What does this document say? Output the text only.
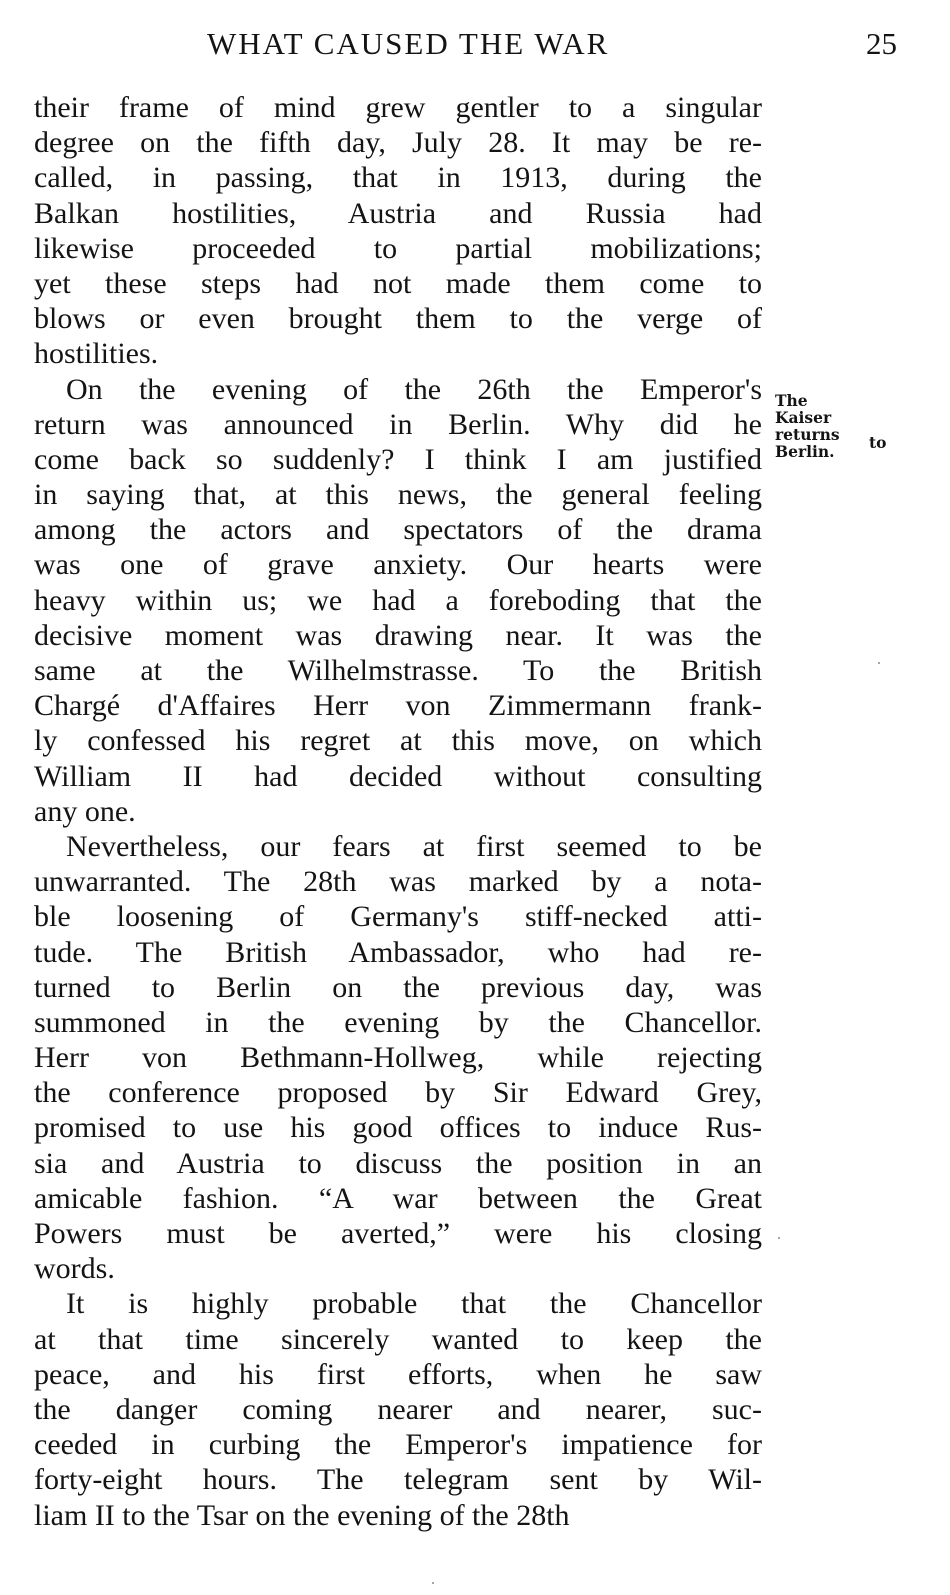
WHAT CAUSED THE WAR	25
their frame of mind grew gentler to a singular
degree on the fifth day, July 28. It may be re-
called, in passing, that in 1913, during the
Balkan hostilities, Austria and Russia had
likewise proceeded to partial mobilizations;
yet these steps had not made them come to
blows or even brought them to the verge of
hostilities.
On the evening of the 26th the Emperor's
return was announced in Berlin. Why did he
come back so suddenly? I think I am justified
in saying that, at this news, the general feeling
among the actors and spectators of the drama
was one of grave anxiety. Our hearts were
heavy within us; we had a foreboding that the
decisive moment was drawing near. It was the
same at the Wilhelmstrasse. To the British
Chargé d'Affaires Herr von Zimmermann frank-
ly confessed his regret at this move, on which
William II had decided without consulting
any one.
Nevertheless, our fears at first seemed to be
unwarranted. The 28th was marked by a nota-
ble loosening of Germany's stiff-necked atti-
tude. The British Ambassador, who had re-
turned to Berlin on the previous day, was
summoned in the evening by the Chancellor.
Herr von Bethmann-Hollweg, while rejecting
the conference proposed by Sir Edward Grey,
promised to use his good offices to induce Rus-
sia and Austria to discuss the position in an
amicable fashion. “A war between the Great
Powers must be averted,” were his closing
words.
It is highly probable that the Chancellor
at that time sincerely wanted to keep the
peace, and his first efforts, when he saw
the danger coming nearer and nearer, suc-
ceeded in curbing the Emperor's impatience for
forty-eight hours. The telegram sent by Wil-
liam II to the Tsar on the evening of the 28th
The
Kaiser
returns
Berlin.	to
